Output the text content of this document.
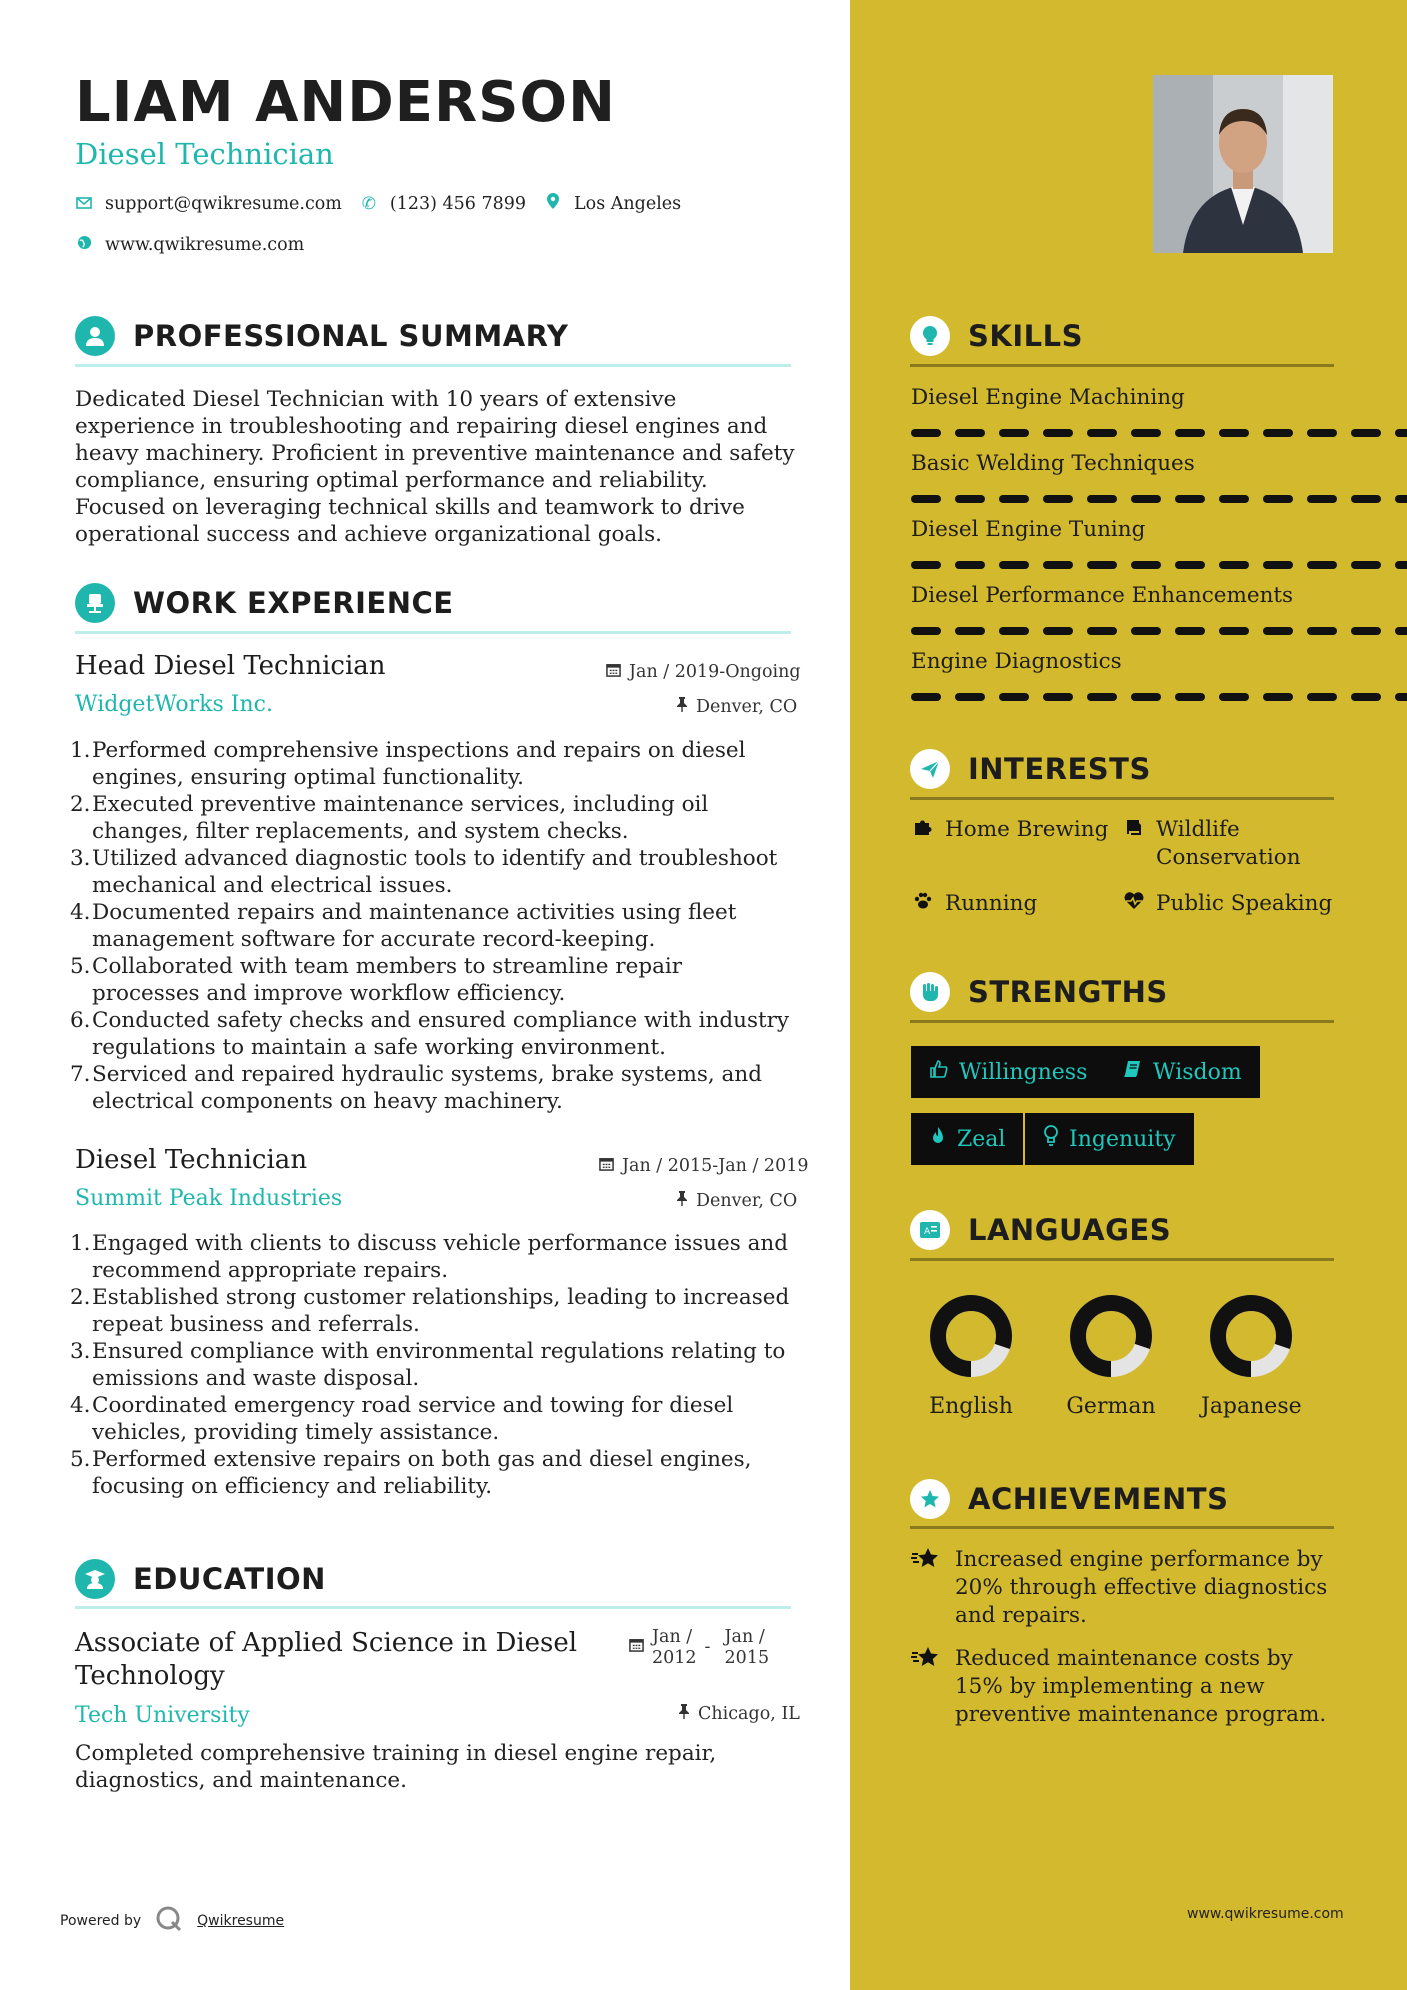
LIAM ANDERSON

Diesel Technician

support@qwikresume.com ✆ (123) 456 7899	Los Angeles
www.qwikresume.com
PROFESSIONAL SUMMARY

Dedicated Diesel Technician with 10 years of extensive experience in troubleshooting and repairing diesel engines and heavy machinery. Proficient in preventive maintenance and safety compliance, ensuring optimal performance and reliability. Focused on leveraging technical skills and teamwork to drive operational success and achieve organizational goals.

WORK EXPERIENCE
Head Diesel Technician	Jan / 2019-Ongoing
WidgetWorks Inc.	Denver, CO
1. Performed comprehensive inspections and repairs on diesel engines, ensuring optimal functionality.
2. Executed preventive maintenance services, including oil changes, filter replacements, and system checks.
3. Utilized advanced diagnostic tools to identify and troubleshoot mechanical and electrical issues.
4. Documented repairs and maintenance activities using fleet management software for accurate record-keeping.
5. Collaborated with team members to streamline repair processes and improve workflow efficiency.
6. Conducted safety checks and ensured compliance with industry regulations to maintain a safe working environment.
7. Serviced and repaired hydraulic systems, brake systems, and electrical components on heavy machinery.
Diesel Technician	Jan / 2015-Jan / 2019
Summit Peak Industries	Denver, CO
1. Engaged with clients to discuss vehicle performance issues and recommend appropriate repairs.
2. Established strong customer relationships, leading to increased repeat business and referrals.
3. Ensured compliance with environmental regulations relating to emissions and waste disposal.
4. Coordinated emergency road service and towing for diesel vehicles, providing timely assistance.
5. Performed extensive repairs on both gas and diesel engines, focusing on efficiency and reliability.
EDUCATION
Associate of Applied Science in Diesel
Technology
Jan /
2012
- Jan /
2015
Tech University	Chicago, IL

Completed comprehensive training in diesel engine repair, diagnostics, and maintenance.

SKILLS
Diesel Engine Machining
Basic Welding Techniques
Diesel Engine Tuning
Diesel Performance Enhancements
Engine Diagnostics
INTERESTS
Home Brewing Wildlife
Conservation
Running	Public Speaking
STRENGTHS
Willingness	Wisdom
Zeal	Ingenuity
A LANGUAGES
English	German Japanese
ACHIEVEMENTS
Increased engine performance by 20% through effective diagnostics and repairs.
Reduced maintenance costs by 15% by implementing a new preventive maintenance program.
Powered by	Qwikresume	www.qwikresume.com
